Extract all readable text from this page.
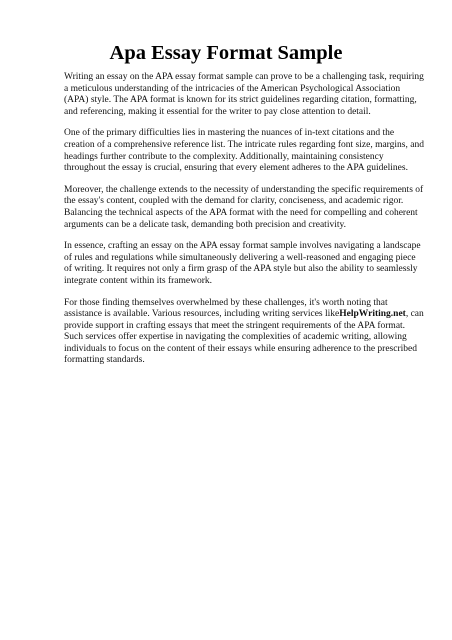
Apa Essay Format Sample

Writing an essay on the APA essay format sample can prove to be a challenging task, requiring a meticulous understanding of the intricacies of the American Psychological Association (APA) style. The APA format is known for its strict guidelines regarding citation, formatting, and referencing, making it essential for the writer to pay close attention to detail.

One of the primary difficulties lies in mastering the nuances of in-text citations and the creation of a comprehensive reference list. The intricate rules regarding font size, margins, and headings further contribute to the complexity. Additionally, maintaining consistency throughout the essay is crucial, ensuring that every element adheres to the APA guidelines.

Moreover, the challenge extends to the necessity of understanding the specific requirements of the essay's content, coupled with the demand for clarity, conciseness, and academic rigor. Balancing the technical aspects of the APA format with the need for compelling and coherent arguments can be a delicate task, demanding both precision and creativity.

In essence, crafting an essay on the APA essay format sample involves navigating a landscape of rules and regulations while simultaneously delivering a well-reasoned and engaging piece of writing. It requires not only a firm grasp of the APA style but also the ability to seamlessly integrate content within its framework.

For those finding themselves overwhelmed by these challenges, it's worth noting that assistance is available. Various resources, including writing services likeHelpWriting.net, can provide support in crafting essays that meet the stringent requirements of the APA format. Such services offer expertise in navigating the complexities of academic writing, allowing individuals to focus on the content of their essays while ensuring adherence to the prescribed formatting standards.
